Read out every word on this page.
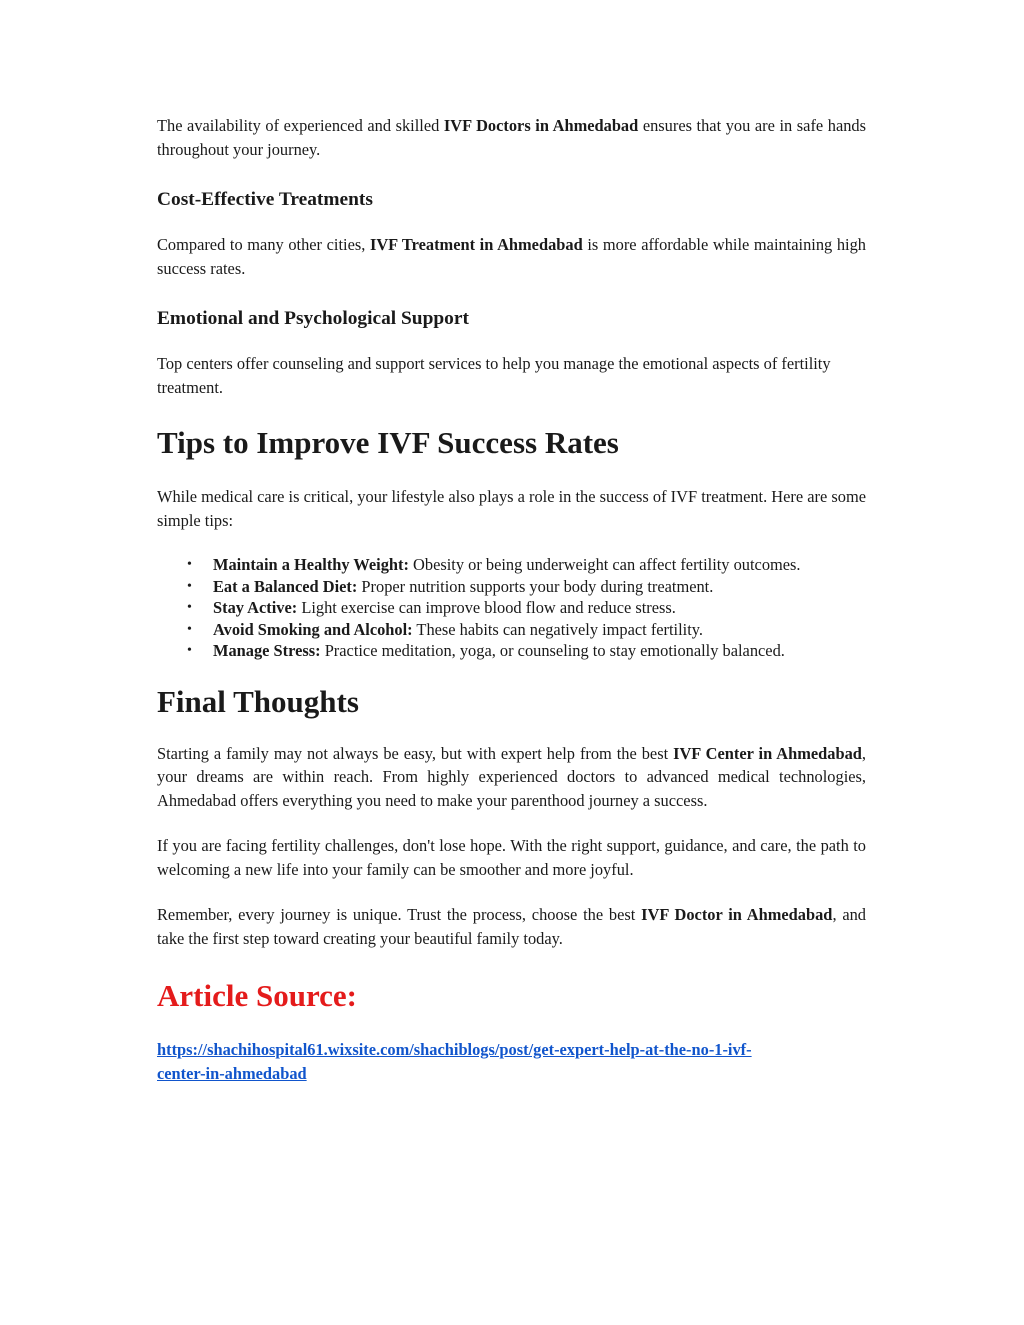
The availability of experienced and skilled IVF Doctors in Ahmedabad ensures that you are in safe hands throughout your journey.

Cost-Effective Treatments

Compared to many other cities, IVF Treatment in Ahmedabad is more affordable while maintaining high success rates.

Emotional and Psychological Support

Top centers offer counseling and support services to help you manage the emotional aspects of fertility treatment.

Tips to Improve IVF Success Rates

While medical care is critical, your lifestyle also plays a role in the success of IVF treatment. Here are some simple tips:

• Maintain a Healthy Weight: Obesity or being underweight can affect fertility outcomes.
• Eat a Balanced Diet: Proper nutrition supports your body during treatment.
• Stay Active: Light exercise can improve blood flow and reduce stress.
• Avoid Smoking and Alcohol: These habits can negatively impact fertility.
• Manage Stress: Practice meditation, yoga, or counseling to stay emotionally balanced.
Final Thoughts

Starting a family may not always be easy, but with expert help from the best IVF Center in Ahmedabad, your dreams are within reach. From highly experienced doctors to advanced medical technologies, Ahmedabad offers everything you need to make your parenthood journey a success.

If you are facing fertility challenges, don't lose hope. With the right support, guidance, and care, the path to welcoming a new life into your family can be smoother and more joyful.

Remember, every journey is unique. Trust the process, choose the best IVF Doctor in Ahmedabad, and take the first step toward creating your beautiful family today.

Article Source:

https://shachihospital61.wixsite.com/shachiblogs/post/get-expert-help-at-the-no-1-ivf-
center-in-ahmedabad
